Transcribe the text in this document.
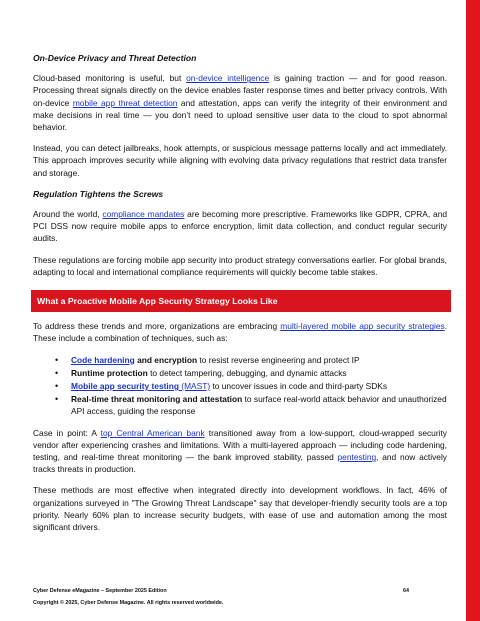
On-Device Privacy and Threat Detection

Cloud-based monitoring is useful, but on-device intelligence is gaining traction — and for good reason. Processing threat signals directly on the device enables faster response times and better privacy controls. With on-device mobile app threat detection and attestation, apps can verify the integrity of their environment and make decisions in real time — you don’t need to upload sensitive user data to the cloud to spot abnormal behavior.

Instead, you can detect jailbreaks, hook attempts, or suspicious message patterns locally and act immediately. This approach improves security while aligning with evolving data privacy regulations that restrict data transfer and storage.

Regulation Tightens the Screws

Around the world, compliance mandates are becoming more prescriptive. Frameworks like GDPR, CPRA, and PCI DSS now require mobile apps to enforce encryption, limit data collection, and conduct regular security audits.

These regulations are forcing mobile app security into product strategy conversations earlier. For global brands, adapting to local and international compliance requirements will quickly become table stakes.

What a Proactive Mobile App Security Strategy Looks Like

To address these trends and more, organizations are embracing multi-layered mobile app security strategies. These include a combination of techniques, such as:

• Code hardening and encryption to resist reverse engineering and protect IP
• Runtime protection to detect tampering, debugging, and dynamic attacks
• Mobile app security testing (MAST) to uncover issues in code and third-party SDKs
• Real-time threat monitoring and attestation to surface real-world attack behavior and unauthorized API access, guiding the response

Case in point: A top Central American bank transitioned away from a low-support, cloud-wrapped security vendor after experiencing crashes and limitations. With a multi-layered approach — including code hardening, testing, and real-time threat monitoring — the bank improved stability, passed pentesting, and now actively tracks threats in production.

These methods are most effective when integrated directly into development workflows. In fact, 46% of organizations surveyed in "The Growing Threat Landscape" say that developer-friendly security tools are a top priority. Nearly 60% plan to increase security budgets, with ease of use and automation among the most significant drivers.

Cyber Defense eMagazine – September 2025 Edition	64
Copyright © 2025, Cyber Defense Magazine. All rights reserved worldwide.
